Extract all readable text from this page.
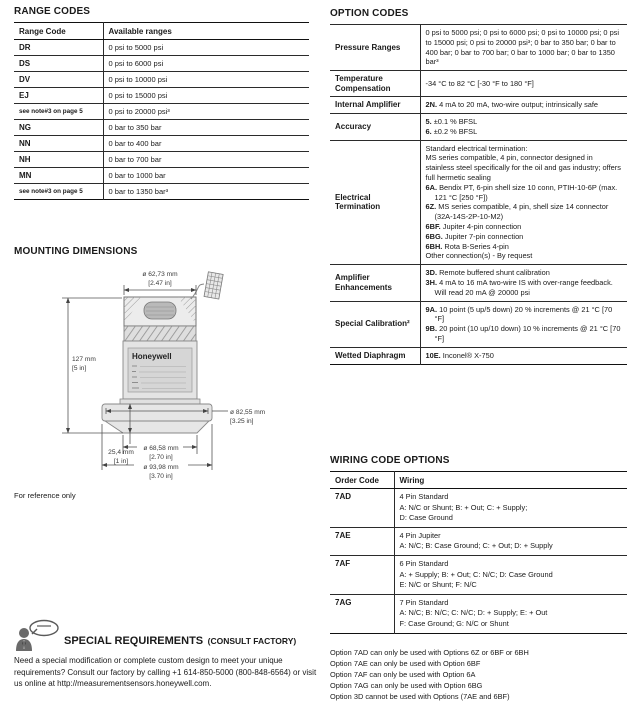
RANGE CODES
Range Code	Available ranges
DR	0 psi to 5000 psi
DS	0 psi to 6000 psi
DV	0 psi to 10000 psi
EJ	0 psi to 15000 psi
see note#3 on page 5	0 psi to 20000 psi³
NG	0 bar to 350 bar
NN	0 bar to 400 bar
NH	0 bar to 700 bar
MN	0 bar to 1000 bar
see note#3 on page 5	0 bar to 1350 bar³
OPTION CODES
Pressure Ranges	0 psi to 5000 psi; 0 psi to 6000 psi; 0 psi to 10000 psi; 0 psi to 15000 psi; 0 psi to 20000 psi³; 0 bar to 350 bar; 0 bar to 400 bar; 0 bar to 700 bar; 0 bar to 1000 bar; 0 bar to 1350 bar³

Temperature Compensation	-34 °C to 82 °C [-30 °F to 180 °F]

Internal Amplifier	2N. 4 mA to 20 mA, two-wire output; intrinsically safe

Accuracy	5. ±0.1 % BFSL
6. ±0.2 % BFSL

Electrical Termination	
Standard electrical termination:
MS series compatible, 4 pin, connector designed in stainless steel specifically for the oil and gas industry; offers full hermetic sealing
6A. Bendix PT, 6-pin shell size 10 conn, PTIH-10-6P (max. 121 °C [250 °F])
6Z. MS series compatible, 4 pin, shell size 14 connector (32A-14S-2P-10-M2)
6BF. Jupiter 4-pin connection
6BG. Jupiter 7-pin connection
6BH. Rota B-Series 4-pin
Other connection(s) - By request

Amplifier Enhancements	3D. Remote buffered shunt calibration
3H. 4 mA to 16 mA two-wire IS with over-range feedback. Will read 20 mA @ 20000 psi

Special Calibration²	9A. 10 point (5 up/5 down) 20 % increments @ 21 °C [70 °F]
9B. 20 point (10 up/10 down) 10 % increments @ 21 °C [70 °F]

Wetted Diaphragm	10E. Inconel® X-750
MOUNTING DIMENSIONS
Honeywell
ø 62,73 mm
[2.47 in]
127 mm
[5 in]
25,4 mm
[1 in]
ø 82,55 mm
[3.25 in]
ø 68,58 mm
[2.70 in]
ø 93,98 mm
[3.70 in]
For reference only
WIRING CODE OPTIONS
Order Code	Wiring
7AD	4 Pin Standard
A: N/C or Shunt; B: + Out; C: + Supply;
D: Case Ground

7AE	4 Pin Jupiter
A: N/C; B: Case Ground; C: + Out; D: + Supply

7AF	6 Pin Standard
A: + Supply; B: + Out; C: N/C; D: Case Ground
E: N/C or Shunt; F: N/C

7AG	7 Pin Standard
A: N/C; B: N/C; C: N/C; D: + Supply; E: + Out
F: Case Ground; G: N/C or Shunt
Option 7AD can only be used with Options 6Z or 6BF or 6BH
Option 7AE can only be used with Option 6BF
Option 7AF can only be used with Option 6A
Option 7AG can only be used with Option 6BG
Option 3D cannot be used with Options (7AE and 6BF)
SPECIAL REQUIREMENTS (CONSULT FACTORY)
Need a special modification or complete custom design to meet your unique requirements? Consult our factory by calling +1 614-850-5000 (800-848-6564) or visit us online at http://measurementsensors.honeywell.com.
